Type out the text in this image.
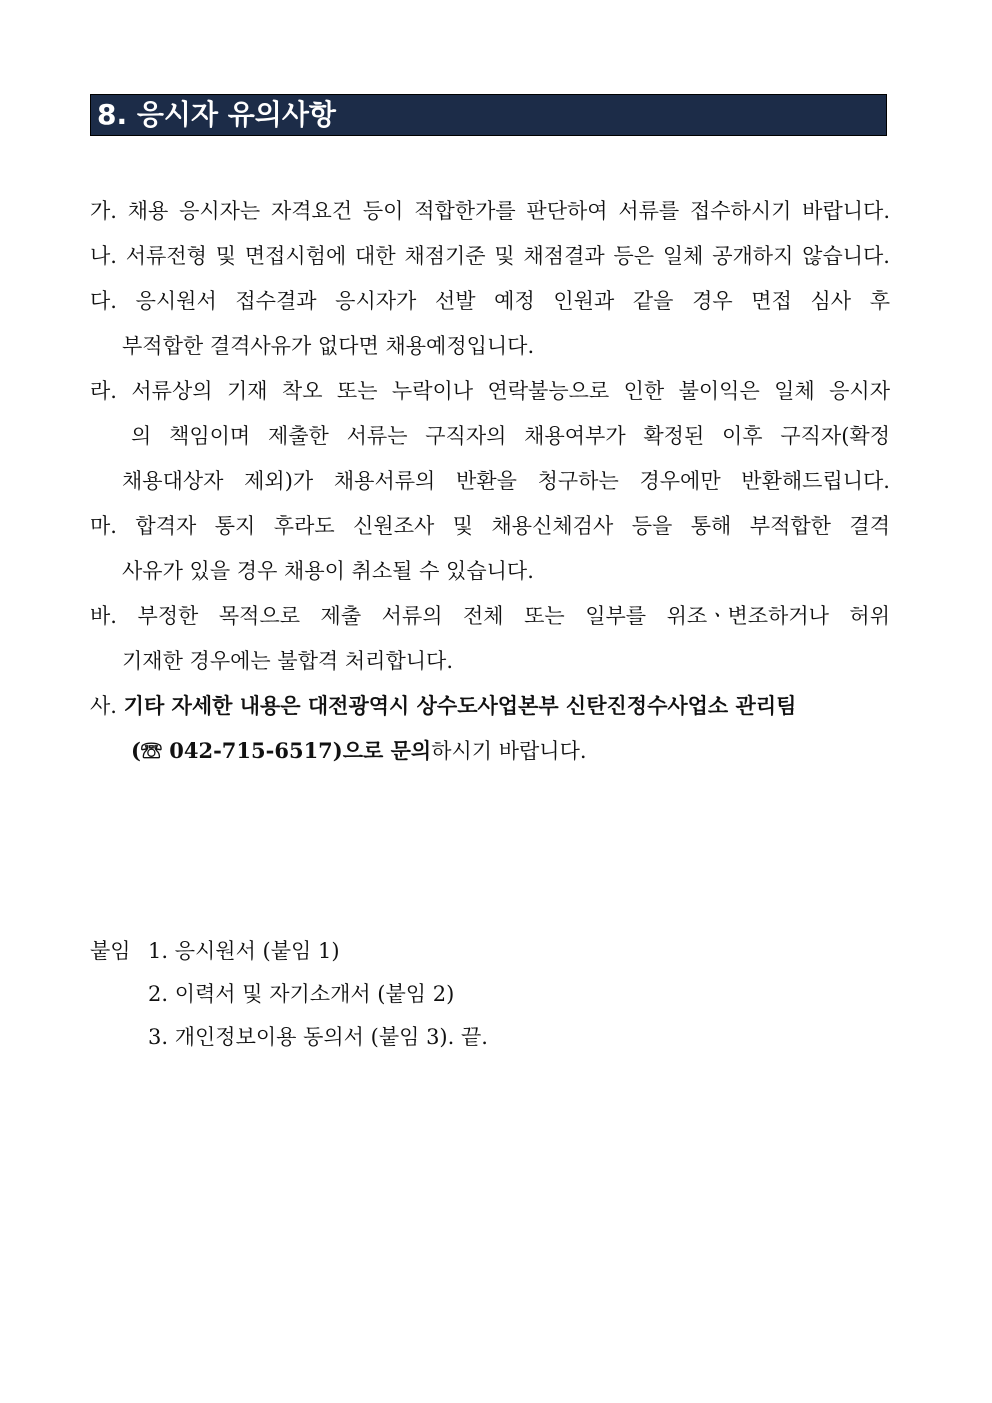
8. 응시자 유의사항
가. 채용 응시자는 자격요건 등이 적합한가를 판단하여 서류를 접수하시기 바랍니다.
나. 서류전형 및 면접시험에 대한 채점기준 및 채점결과 등은 일체 공개하지 않습니다.
다. 응시원서 접수결과 응시자가 선발 예정 인원과 같을 경우 면접 심사 후
부적합한 결격사유가 없다면 채용예정입니다.
라. 서류상의 기재 착오 또는 누락이나 연락불능으로 인한 불이익은 일체 응시자
의 책임이며 제출한 서류는 구직자의 채용여부가 확정된 이후 구직자(확정
채용대상자 제외)가 채용서류의 반환을 청구하는 경우에만 반환해드립니다.
마. 합격자 통지 후라도 신원조사 및 채용신체검사 등을 통해 부적합한 결격
사유가 있을 경우 채용이 취소될 수 있습니다.
바. 부정한 목적으로 제출 서류의 전체 또는 일부를 위조ㆍ변조하거나 허위
기재한 경우에는 불합격 처리합니다.
사. 기타 자세한 내용은 대전광역시 상수도사업본부 신탄진정수사업소 관리팀
(☏ 042-715-6517)으로 문의하시기 바랍니다.
붙임 1. 응시원서 (붙임 1)
2. 이력서 및 자기소개서 (붙임 2)
3. 개인정보이용 동의서 (붙임 3). 끝.
